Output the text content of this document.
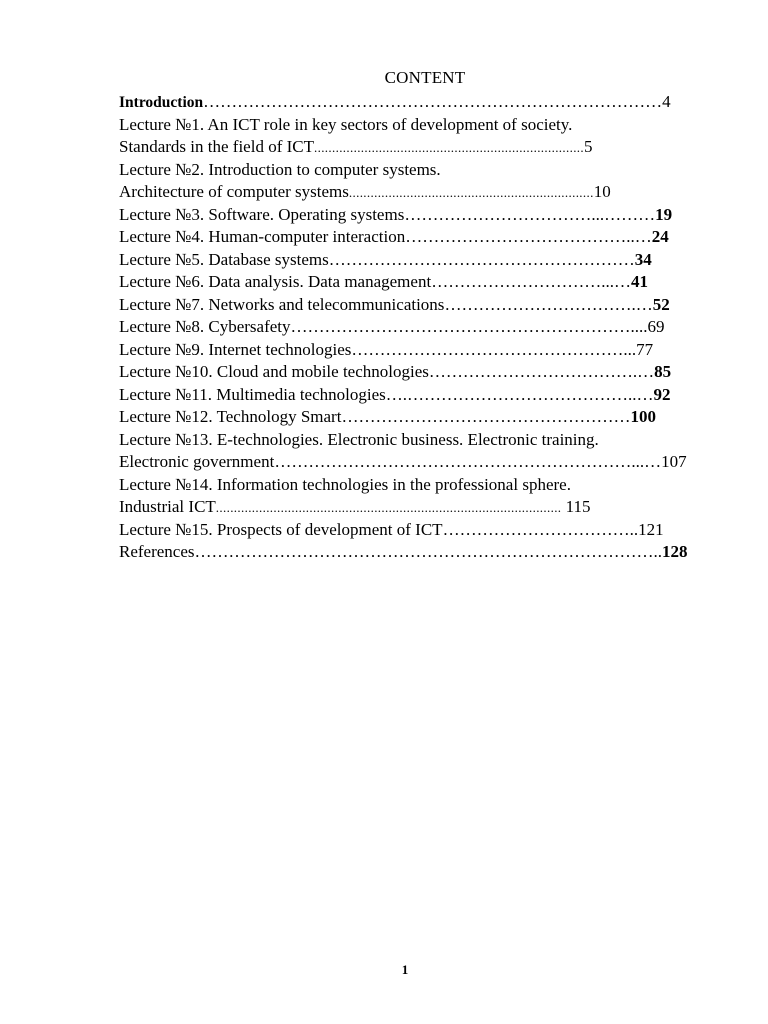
CONTENT
Introduction………………………………………………………………………4
Lecture №1. An ICT role in key sectors of development of society.
Standards in the field of ICT...........................................................................5
Lecture №2. Introduction to computer systems.
Architecture of computer systems....................................................................10
Lecture №3. Software. Operating systems……………………………...………19
Lecture №4. Human-computer interaction…………………………………..…24
Lecture №5. Database systems………………………………………………34
Lecture №6. Data analysis. Data management…………………………...…41
Lecture №7. Networks and telecommunications…………………………….…52
Lecture №8. Cybersafety……………………………………………………....69
Lecture №9. Internet technologies…………………………………………...77
Lecture №10. Cloud and mobile technologies……………………………….…85
Lecture №11. Multimedia technologies….…………………………………..…92
Lecture №12. Technology Smart……………………………………………100
Lecture №13. E-technologies. Electronic business. Electronic training.
Electronic government………………………………………………………...…107
Lecture №14. Information technologies in the professional sphere.
Industrial ICT................................................................................................ 115
Lecture №15. Prospects of development of ICT……………………………..121
References………………………………………………………………………..128
1
